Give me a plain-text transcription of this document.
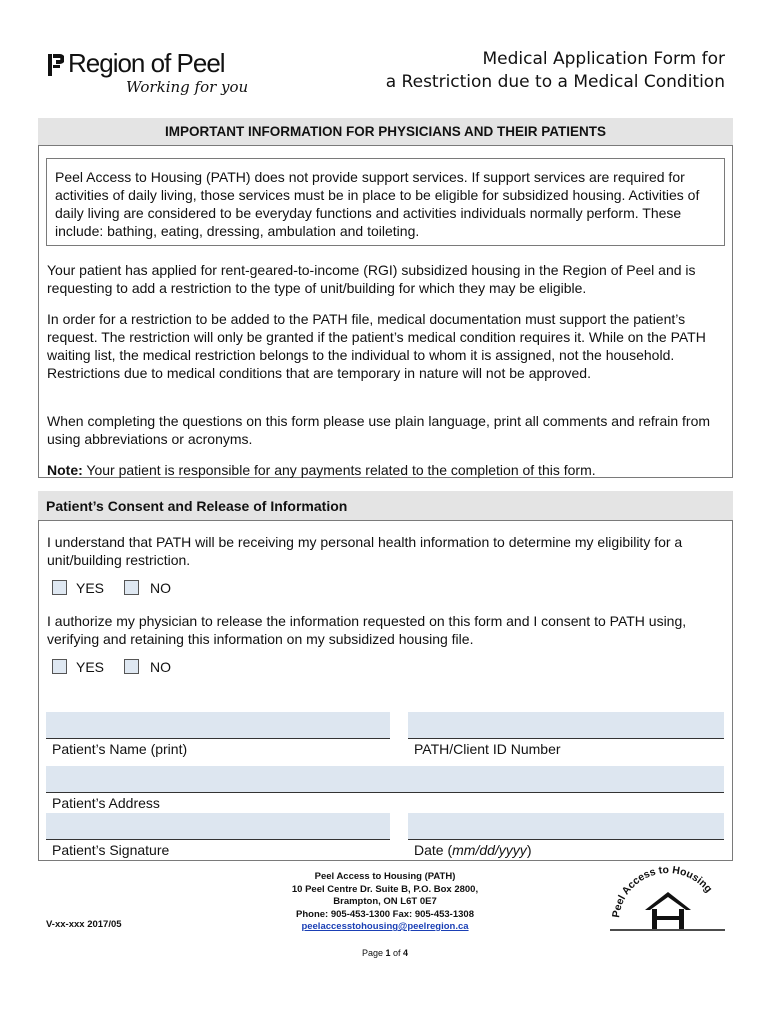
Region of Peel
Working for you
Medical Application Form for
a Restriction due to a Medical Condition
IMPORTANT INFORMATION FOR PHYSICIANS AND THEIR PATIENTS
Peel Access to Housing (PATH) does not provide support services. If support services are required for activities of daily living, those services must be in place to be eligible for subsidized housing. Activities of daily living are considered to be everyday functions and activities individuals normally perform. These include: bathing, eating, dressing, ambulation and toileting.
Your patient has applied for rent-geared-to-income (RGI) subsidized housing in the Region of Peel and is requesting to add a restriction to the type of unit/building for which they may be eligible.
In order for a restriction to be added to the PATH file, medical documentation must support the patient’s request. The restriction will only be granted if the patient’s medical condition requires it. While on the PATH waiting list, the medical restriction belongs to the individual to whom it is assigned, not the household. Restrictions due to medical conditions that are temporary in nature will not be approved.
When completing the questions on this form please use plain language, print all comments and refrain from using abbreviations or acronyms.
Note: Your patient is responsible for any payments related to the completion of this form.
Patient’s Consent and Release of Information
I understand that PATH will be receiving my personal health information to determine my eligibility for a unit/building restriction.
YES	NO
I authorize my physician to release the information requested on this form and I consent to PATH using, verifying and retaining this information on my subsidized housing file.
YES	NO
Patient’s Name (print)	PATH/Client ID Number
Patient’s Address
Patient’s Signature	Date (mm/dd/yyyy)
Peel Access to Housing (PATH)
10 Peel Centre Dr. Suite B, P.O. Box 2800,
Brampton, ON L6T 0E7
Phone: 905-453-1300 Fax: 905-453-1308
peelaccesstohousing@peelregion.ca
V-xx-xxx 2017/05
Peel Access to Housing
Page 1 of 4
